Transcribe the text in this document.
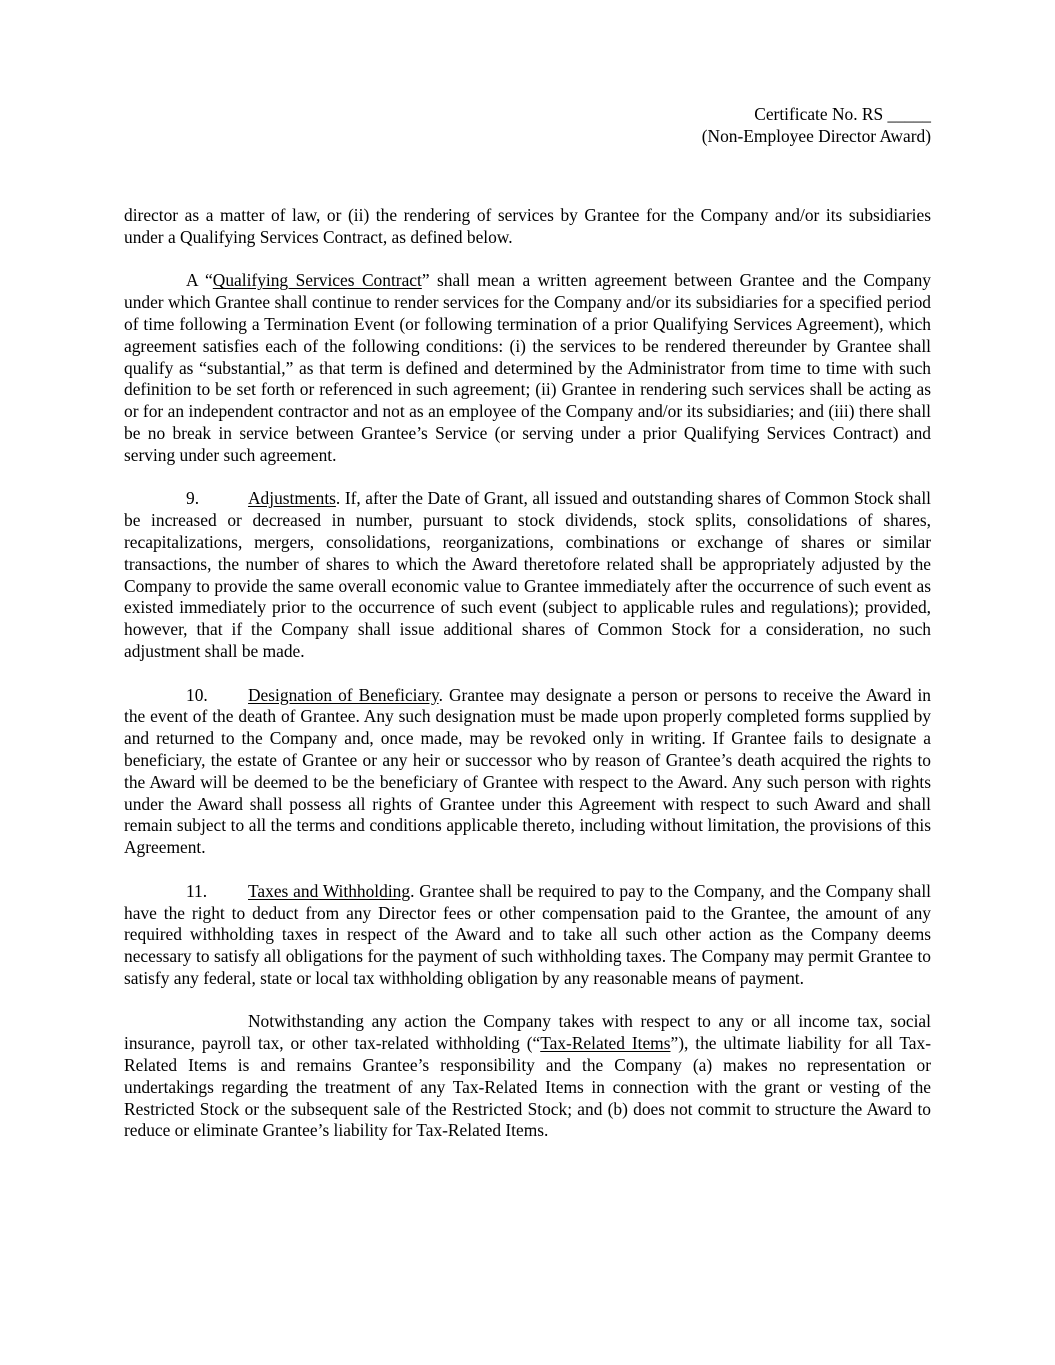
Certificate No. RS _____
(Non-Employee Director Award)

director as a matter of law, or (ii) the rendering of services by Grantee for the Company and/or its subsidiaries under a Qualifying Services Contract, as defined below.

A “Qualifying Services Contract” shall mean a written agreement between Grantee and the Company under which Grantee shall continue to render services for the Company and/or its subsidiaries for a specified period of time following a Termination Event (or following termination of a prior Qualifying Services Agreement), which agreement satisfies each of the following conditions: (i) the services to be rendered thereunder by Grantee shall qualify as “substantial,” as that term is defined and determined by the Administrator from time to time with such definition to be set forth or referenced in such agreement; (ii) Grantee in rendering such services shall be acting as or for an independent contractor and not as an employee of the Company and/or its subsidiaries; and (iii) there shall be no break in service between Grantee’s Service (or serving under a prior Qualifying Services Contract) and serving under such agreement.

9.	Adjustments. If, after the Date of Grant, all issued and outstanding shares of Common Stock shall be increased or decreased in number, pursuant to stock dividends, stock splits, consolidations of shares, recapitalizations, mergers, consolidations, reorganizations, combinations or exchange of shares or similar transactions, the number of shares to which the Award theretofore related shall be appropriately adjusted by the Company to provide the same overall economic value to Grantee immediately after the occurrence of such event as existed immediately prior to the occurrence of such event (subject to applicable rules and regulations); provided, however, that if the Company shall issue additional shares of Common Stock for a consideration, no such adjustment shall be made.

10. Designation of Beneficiary. Grantee may designate a person or persons to receive the Award in the event of the death of Grantee. Any such designation must be made upon properly completed forms supplied by and returned to the Company and, once made, may be revoked only in writing. If Grantee fails to designate a beneficiary, the estate of Grantee or any heir or successor who by reason of Grantee’s death acquired the rights to the Award will be deemed to be the beneficiary of Grantee with respect to the Award. Any such person with rights under the Award shall possess all rights of Grantee under this Agreement with respect to such Award and shall remain subject to all the terms and conditions applicable thereto, including without limitation, the provisions of this Agreement.

11. Taxes and Withholding. Grantee shall be required to pay to the Company, and the Company shall have the right to deduct from any Director fees or other compensation paid to the Grantee, the amount of any required withholding taxes in respect of the Award and to take all such other action as the Company deems necessary to satisfy all obligations for the payment of such withholding taxes. The Company may permit Grantee to satisfy any federal, state or local tax withholding obligation by any reasonable means of payment.

Notwithstanding any action the Company takes with respect to any or all income tax, social insurance, payroll tax, or other tax-related withholding (“Tax-Related Items”), the ultimate liability for all Tax-Related Items is and remains Grantee’s responsibility and the Company (a) makes no representation or undertakings regarding the treatment of any Tax-Related Items in connection with the grant or vesting of the Restricted Stock or the subsequent sale of the Restricted Stock; and (b) does not commit to structure the Award to reduce or eliminate Grantee’s liability for Tax-Related Items.
